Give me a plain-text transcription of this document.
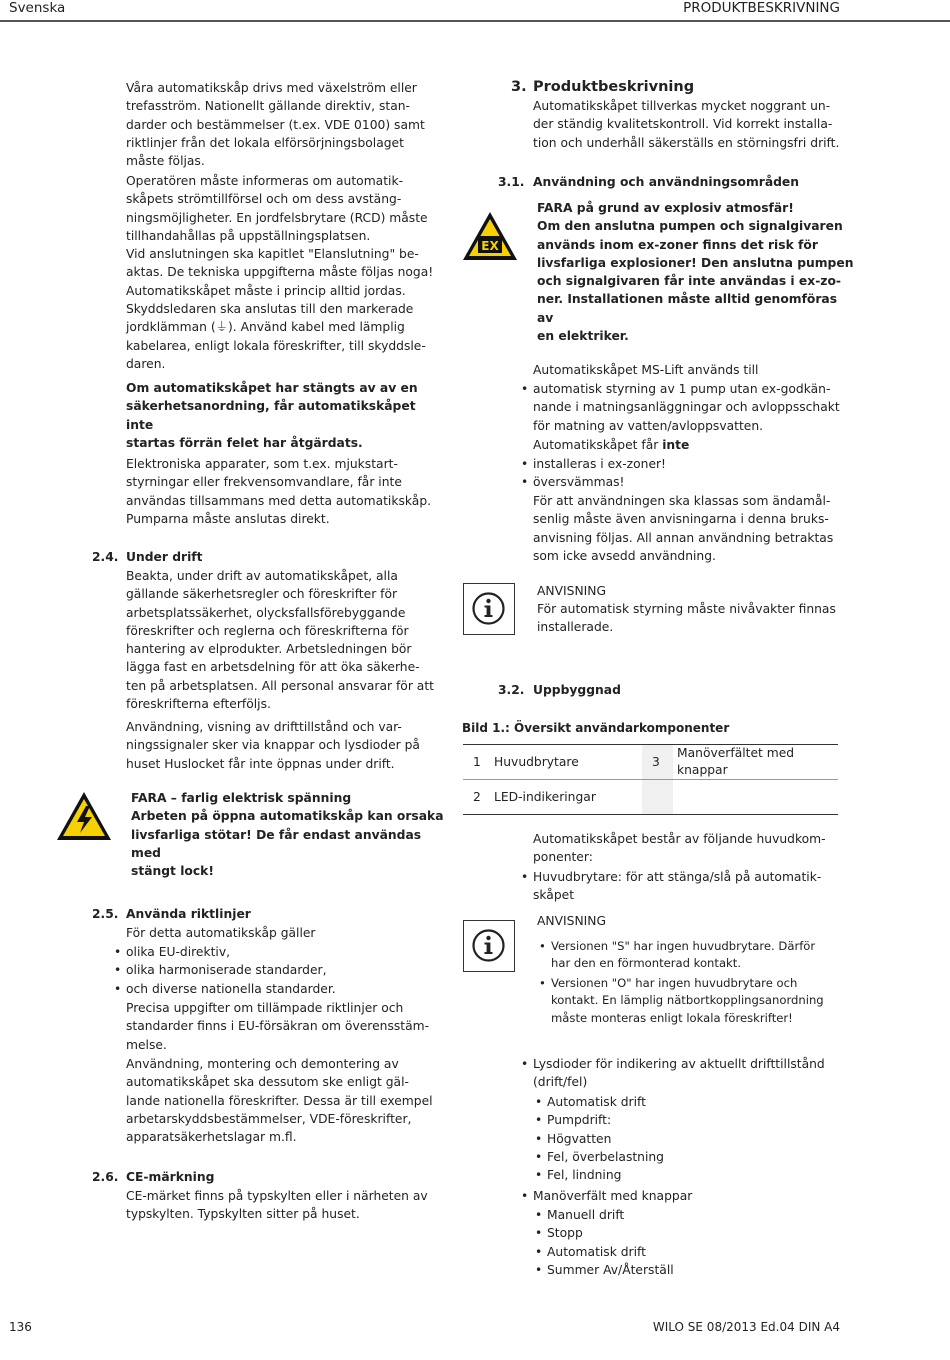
Svenska	PRODUKTBESKRIVNING
Våra automatikskåp drivs med växelström eller
trefasström. Nationellt gällande direktiv, stan-
darder och bestämmelser (t.ex. VDE 0100) samt
riktlinjer från det lokala elförsörjningsbolaget
måste följas.
Operatören måste informeras om automatik-
skåpets strömtillförsel och om dess avstäng-
ningsmöjligheter. En jordfelsbrytare (RCD) måste
tillhandahållas på uppställningsplatsen.
Vid anslutningen ska kapitlet "Elanslutning" be-
aktas. De tekniska uppgifterna måste följas noga!
Automatikskåpet måste i princip alltid jordas.
Skyddsledaren ska anslutas till den markerade
jordklämman (⏚). Använd kabel med lämplig
kabelarea, enligt lokala föreskrifter, till skyddsle-
daren.
Om automatikskåpet har stängts av av en
säkerhetsanordning, får automatikskåpet inte
startas förrän felet har åtgärdats.
Elektroniska apparater, som t.ex. mjukstart-
styrningar eller frekvensomvandlare, får inte
användas tillsammans med detta automatikskåp.
Pumparna måste anslutas direkt.
2.4. Under drift
Beakta, under drift av automatikskåpet, alla
gällande säkerhetsregler och föreskrifter för
arbetsplatssäkerhet, olycksfallsförebyggande
föreskrifter och reglerna och föreskrifterna för
hantering av elprodukter. Arbetsledningen bör
lägga fast en arbetsdelning för att öka säkerhe-
ten på arbetsplatsen. All personal ansvarar för att
föreskrifterna efterföljs.
Användning, visning av drifttillstånd och var-
ningssignaler sker via knappar och lysdioder på
huset Huslocket får inte öppnas under drift.
FARA – farlig elektrisk spänning
Arbeten på öppna automatikskåp kan orsaka
livsfarliga stötar! De får endast användas med
stängt lock!
2.5. Använda riktlinjer
För detta automatikskåp gäller
• olika EU-direktiv,
• olika harmoniserade standarder,
• och diverse nationella standarder.
Precisa uppgifter om tillämpade riktlinjer och
standarder finns i EU-försäkran om överensstäm-
melse.
Användning, montering och demontering av
automatikskåpet ska dessutom ske enligt gäl-
lande nationella föreskrifter. Dessa är till exempel
arbetarskyddsbestämmelser, VDE-föreskrifter,
apparatsäkerhetslagar m.fl.
2.6. CE-märkning
CE-märket finns på typskylten eller i närheten av
typskylten. Typskylten sitter på huset.
3. Produktbeskrivning
Automatikskåpet tillverkas mycket noggrant un-
der ständig kvalitetskontroll. Vid korrekt installa-
tion och underhåll säkerställs en störningsfri drift.
3.1. Användning och användningsområden
EX
FARA på grund av explosiv atmosfär!
Om den anslutna pumpen och signalgivaren
används inom ex-zoner finns det risk för
livsfarliga explosioner! Den anslutna pumpen
och signalgivaren får inte användas i ex-zo-
ner. Installationen måste alltid genomföras av
en elektriker.
Automatikskåpet MS-Lift används till
• automatisk styrning av 1 pump utan ex-godkän-
nande i matningsanläggningar och avloppsschakt
för matning av vatten/avloppsvatten.
Automatikskåpet får inte
• installeras i ex-zoner!
• översvämmas!
För att användningen ska klassas som ändamål-
senlig måste även anvisningarna i denna bruks-
anvisning följas. All annan användning betraktas
som icke avsedd användning.
ANVISNING
För automatisk styrning måste nivåvakter finnas
installerade.
3.2. Uppbyggnad
Bild 1.: Översikt användarkomponenter
1	Huvudbrytare	3	Manöverfältet med
knappar

2	LED-indikeringar		
Automatikskåpet består av följande huvudkom-
ponenter:
• Huvudbrytare: för att stänga/slå på automatik-
skåpet
ANVISNING
• Versionen "S" har ingen huvudbrytare. Därför
har den en förmonterad kontakt.
• Versionen "O" har ingen huvudbrytare och
kontakt. En lämplig nätbortkopplingsanordning
måste monteras enligt lokala föreskrifter!
• Lysdioder för indikering av aktuellt drifttillstånd
(drift/fel)
• Automatisk drift
• Pumpdrift:
• Högvatten
• Fel, överbelastning
• Fel, lindning
• Manöverfält med knappar
• Manuell drift
• Stopp
• Automatisk drift
• Summer Av/Återställ
136	WILO SE 08/2013 Ed.04 DIN A4
